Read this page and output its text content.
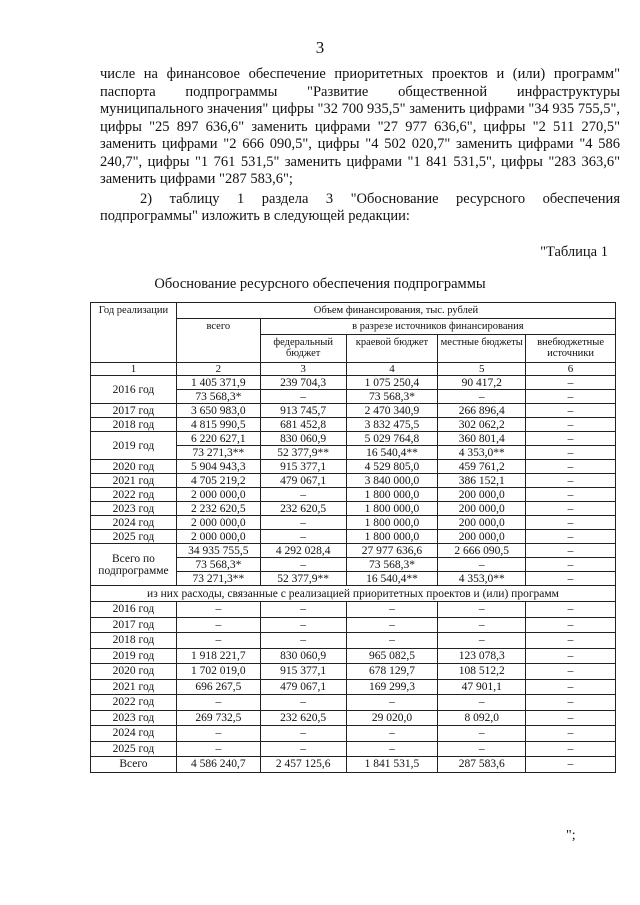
3

числе на финансовое обеспечение приоритетных проектов и (или) программ" паспорта подпрограммы "Развитие общественной инфраструктуры муниципального значения" цифры "32 700 935,5" заменить цифрами "34 935 755,5", цифры "25 897 636,6" заменить цифрами "27 977 636,6", цифры "2 511 270,5" заменить цифрами "2 666 090,5", цифры "4 502 020,7" заменить цифрами "4 586 240,7", цифры "1 761 531,5" заменить цифрами "1 841 531,5", цифры "283 363,6" заменить цифрами "287 583,6";

2) таблицу 1 раздела 3 "Обоснование ресурсного обеспечения подпрограммы" изложить в следующей редакции:

"Таблица 1
Обоснование ресурсного обеспечения подпрограммы
Год реализации	Объем финансирования, тыс. рублей				
	всего	в разрезе источников финансирования			
		федеральный бюджет	краевой бюджет	местные бюджеты	внебюджетные источники
1	2	3	4	5	6
2016 год	1 405 371,9	239 704,3	1 075 250,4	90 417,2	–
	73 568,3*	–	73 568,3*	–	–
2017 год	3 650 983,0	913 745,7	2 470 340,9	266 896,4	–
2018 год	4 815 990,5	681 452,8	3 832 475,5	302 062,2	–
2019 год	6 220 627,1	830 060,9	5 029 764,8	360 801,4	–
	73 271,3**	52 377,9**	16 540,4**	4 353,0**	–
2020 год	5 904 943,3	915 377,1	4 529 805,0	459 761,2	–
2021 год	4 705 219,2	479 067,1	3 840 000,0	386 152,1	–
2022 год	2 000 000,0	–	1 800 000,0	200 000,0	–
2023 год	2 232 620,5	232 620,5	1 800 000,0	200 000,0	–
2024 год	2 000 000,0	–	1 800 000,0	200 000,0	–
2025 год	2 000 000,0	–	1 800 000,0	200 000,0	–
Всего по подпрограмме	34 935 755,5	4 292 028,4	27 977 636,6	2 666 090,5	–
	73 568,3*	–	73 568,3*	–	–
	73 271,3**	52 377,9**	16 540,4**	4 353,0**	–
из них расходы, связанные с реализацией приоритетных проектов и (или) программ					
2016 год	–	–	–	–	–
2017 год	–	–	–	–	–
2018 год	–	–	–	–	–
2019 год	1 918 221,7	830 060,9	965 082,5	123 078,3	–
2020 год	1 702 019,0	915 377,1	678 129,7	108 512,2	–
2021 год	696 267,5	479 067,1	169 299,3	47 901,1	–
2022 год	–	–	–	–	–
2023 год	269 732,5	232 620,5	29 020,0	8 092,0	–
2024 год	–	–	–	–	–
2025 год	–	–	–	–	–
Всего	4 586 240,7	2 457 125,6	1 841 531,5	287 583,6	–
";
